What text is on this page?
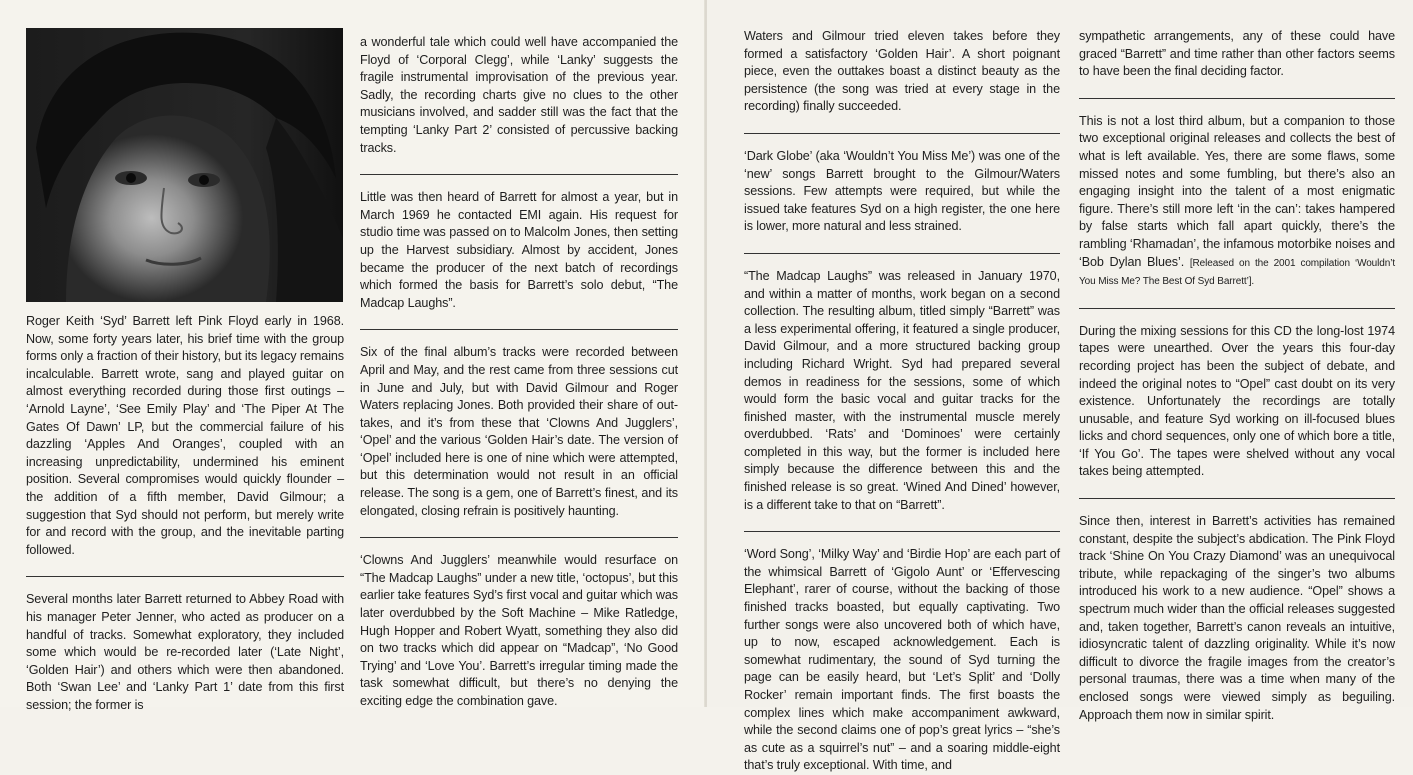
Roger Keith ‘Syd’ Barrett left Pink Floyd early in 1968. Now, some forty years later, his brief time with the group forms only a fraction of their history, but its legacy remains incalculable. Barrett wrote, sang and played guitar on almost everything recorded during those first outings – ‘Arnold Layne’, ‘See Emily Play’ and ‘The Piper At The Gates Of Dawn’ LP, but the commercial failure of his dazzling ‘Apples And Oranges’, coupled with an increasing unpredictability, undermined his eminent position. Several compromises would quickly flounder – the addition of a fifth member, David Gilmour; a suggestion that Syd should not perform, but merely write for and record with the group, and the inevitable parting followed.

Several months later Barrett returned to Abbey Road with his manager Peter Jenner, who acted as producer on a handful of tracks. Somewhat exploratory, they included some which would be re-recorded later (‘Late Night’, ‘Golden Hair’) and others which were then abandoned. Both ‘Swan Lee’ and ‘Lanky Part 1’ date from this first session; the former is

a wonderful tale which could well have accompanied the Floyd of ‘Corporal Clegg’, while ‘Lanky’ suggests the fragile instrumental improvisation of the previous year. Sadly, the recording charts give no clues to the other musicians involved, and sadder still was the fact that the tempting ‘Lanky Part 2’ consisted of percussive backing tracks.

Little was then heard of Barrett for almost a year, but in March 1969 he contacted EMI again. His request for studio time was passed on to Malcolm Jones, then setting up the Harvest subsidiary. Almost by accident, Jones became the producer of the next batch of recordings which formed the basis for Barrett’s solo debut, “The Madcap Laughs”.

Six of the final album’s tracks were recorded between April and May, and the rest came from three sessions cut in June and July, but with David Gilmour and Roger Waters replacing Jones. Both provided their share of out-takes, and it’s from these that ‘Clowns And Jugglers’, ‘Opel’ and the various ‘Golden Hair’s date. The version of ‘Opel’ included here is one of nine which were attempted, but this determination would not result in an official release. The song is a gem, one of Barrett’s finest, and its elongated, closing refrain is positively haunting.

‘Clowns And Jugglers’ meanwhile would resurface on “The Madcap Laughs” under a new title, ‘octopus’, but this earlier take features Syd’s first vocal and guitar which was later overdubbed by the Soft Machine – Mike Ratledge, Hugh Hopper and Robert Wyatt, something they also did on two tracks which did appear on “Madcap”, ‘No Good Trying’ and ‘Love You’. Barrett’s irregular timing made the task somewhat difficult, but there’s no denying the exciting edge the combination gave.

Waters and Gilmour tried eleven takes before they formed a satisfactory ‘Golden Hair’. A short poignant piece, even the outtakes boast a distinct beauty as the persistence (the song was tried at every stage in the recording) finally succeeded.

‘Dark Globe’ (aka ‘Wouldn’t You Miss Me’) was one of the ‘new’ songs Barrett brought to the Gilmour/Waters sessions. Few attempts were required, but while the issued take features Syd on a high register, the one here is lower, more natural and less strained.

“The Madcap Laughs” was released in January 1970, and within a matter of months, work began on a second collection. The resulting album, titled simply “Barrett” was a less experimental offering, it featured a single producer, David Gilmour, and a more structured backing group including Richard Wright. Syd had prepared several demos in readiness for the sessions, some of which would form the basic vocal and guitar tracks for the finished master, with the instrumental muscle merely overdubbed. ‘Rats’ and ‘Dominoes’ were certainly completed in this way, but the former is included here simply because the difference between this and the finished release is so great. ‘Wined And Dined’ however, is a different take to that on “Barrett”.

‘Word Song’, ‘Milky Way’ and ‘Birdie Hop’ are each part of the whimsical Barrett of ‘Gigolo Aunt’ or ‘Effervescing Elephant’, rarer of course, without the backing of those finished tracks boasted, but equally captivating. Two further songs were also uncovered both of which have, up to now, escaped acknowledgement. Each is somewhat rudimentary, the sound of Syd turning the page can be easily heard, but ‘Let’s Split’ and ‘Dolly Rocker’ remain important finds. The first boasts the complex lines which make accompaniment awkward, while the second claims one of pop’s great lyrics – “she’s as cute as a squirrel’s nut” – and a soaring middle-eight that’s truly exceptional. With time, and

sympathetic arrangements, any of these could have graced “Barrett” and time rather than other factors seems to have been the final deciding factor.

This is not a lost third album, but a companion to those two exceptional original releases and collects the best of what is left available. Yes, there are some flaws, some missed notes and some fumbling, but there’s also an engaging insight into the talent of a most enigmatic figure. There’s still more left ‘in the can’: takes hampered by false starts which fall apart quickly, there’s the rambling ‘Rhamadan’, the infamous motorbike noises and ‘Bob Dylan Blues’. [Released on the 2001 compilation ‘Wouldn’t You Miss Me? The Best Of Syd Barrett’].

During the mixing sessions for this CD the long-lost 1974 tapes were unearthed. Over the years this four-day recording project has been the subject of debate, and indeed the original notes to “Opel” cast doubt on its very existence. Unfortunately the recordings are totally unusable, and feature Syd working on ill-focused blues licks and chord sequences, only one of which bore a title, ‘If You Go’. The tapes were shelved without any vocal takes being attempted.

Since then, interest in Barrett’s activities has remained constant, despite the subject’s abdication. The Pink Floyd track ‘Shine On You Crazy Diamond’ was an unequivocal tribute, while repackaging of the singer’s two albums introduced his work to a new audience. “Opel” shows a spectrum much wider than the official releases suggested and, taken together, Barrett’s canon reveals an intuitive, idiosyncratic talent of dazzling originality. While it’s now difficult to divorce the fragile images from the creator’s personal traumas, there was a time when many of the enclosed songs were viewed simply as beguiling. Approach them now in similar spirit.
